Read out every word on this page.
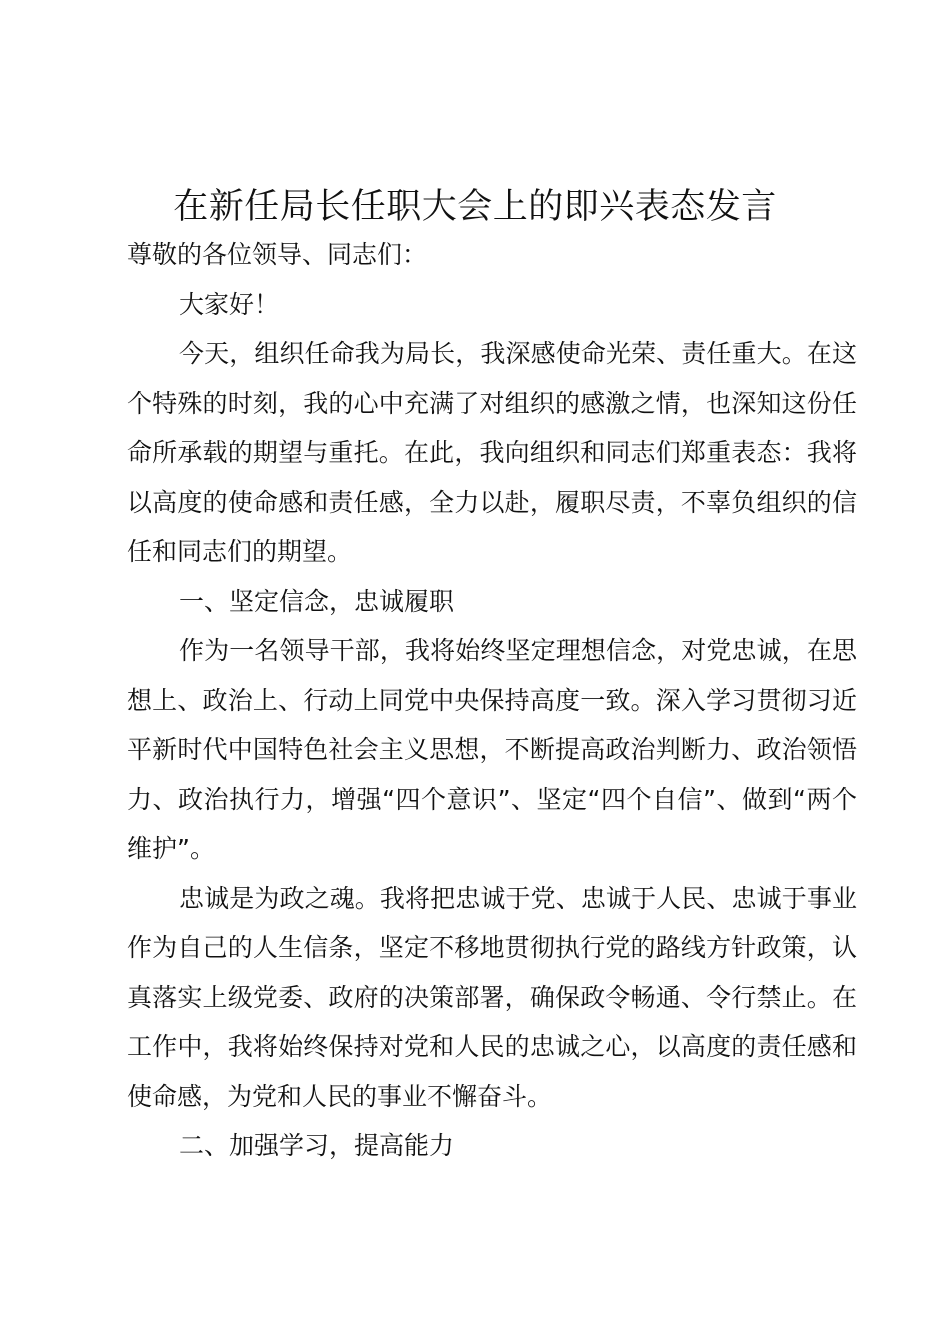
在新任局长任职大会上的即兴表态发言

尊敬的各位领导、同志们：

大家好！

今天，组织任命我为局长，我深感使命光荣、责任重大。在这个特殊的时刻，我的心中充满了对组织的感激之情，也深知这份任命所承载的期望与重托。在此，我向组织和同志们郑重表态：我将以高度的使命感和责任感，全力以赴，履职尽责，不辜负组织的信任和同志们的期望。

一、坚定信念，忠诚履职

作为一名领导干部，我将始终坚定理想信念，对党忠诚，在思想上、政治上、行动上同党中央保持高度一致。深入学习贯彻习近平新时代中国特色社会主义思想，不断提高政治判断力、政治领悟力、政治执行力，增强“四个意识”、坚定“四个自信”、做到“两个维护”。

忠诚是为政之魂。我将把忠诚于党、忠诚于人民、忠诚于事业作为自己的人生信条，坚定不移地贯彻执行党的路线方针政策，认真落实上级党委、政府的决策部署，确保政令畅通、令行禁止。在工作中，我将始终保持对党和人民的忠诚之心，以高度的责任感和使命感，为党和人民的事业不懈奋斗。

二、加强学习，提高能力
